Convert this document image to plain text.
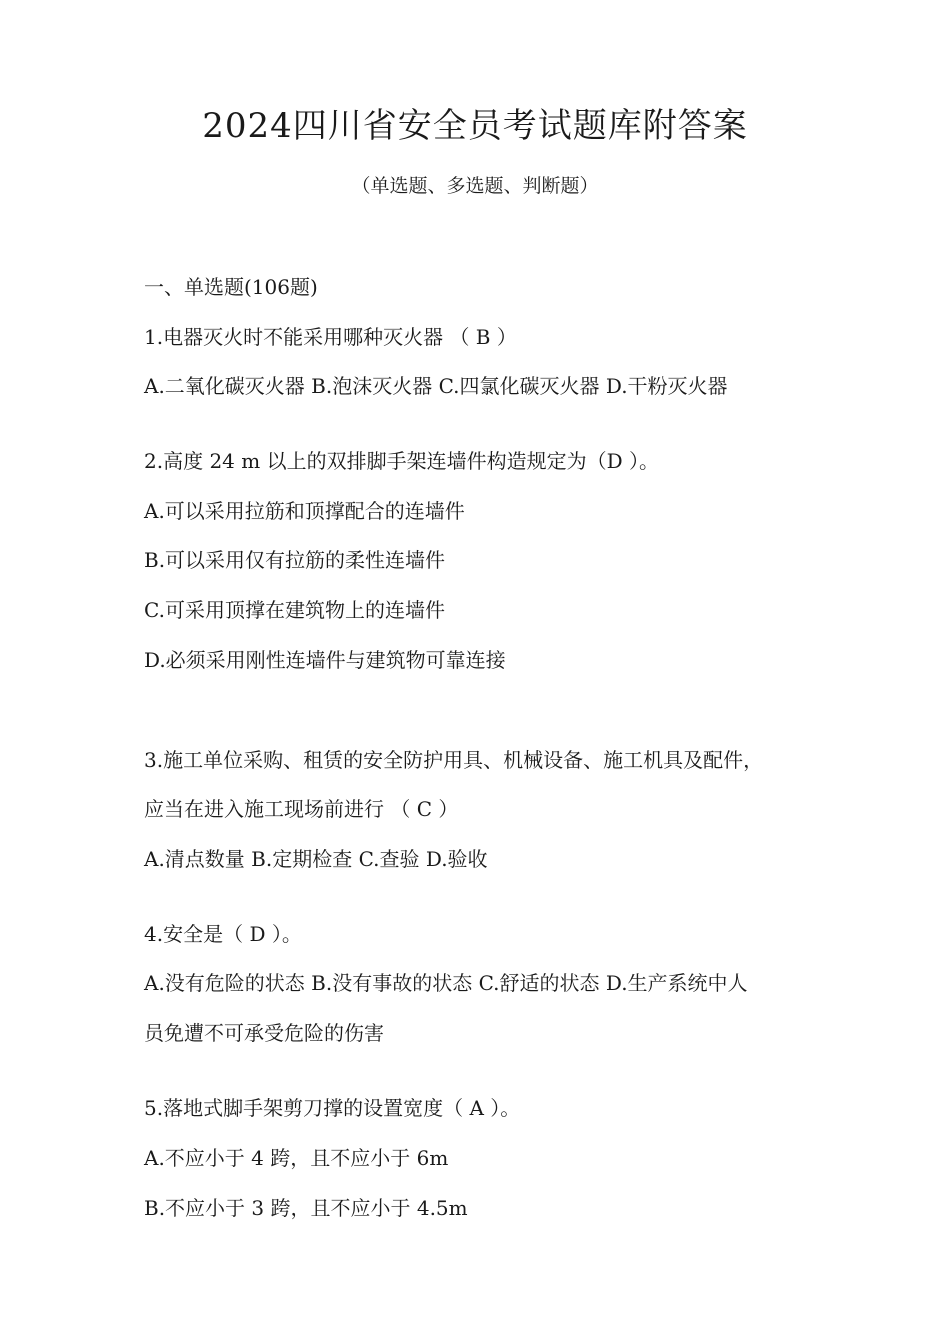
2024四川省安全员考试题库附答案
（单选题、多选题、判断题）
一、单选题(106题)
1.电器灭火时不能采用哪种灭火器 （ B ）
A.二氧化碳灭火器 B.泡沫灭火器 C.四氯化碳灭火器 D.干粉灭火器
2.高度 24 m 以上的双排脚手架连墙件构造规定为（D ）。
A.可以采用拉筋和顶撑配合的连墙件
B.可以采用仅有拉筋的柔性连墙件
C.可采用顶撑在建筑物上的连墙件
D.必须采用刚性连墙件与建筑物可靠连接
3.施工单位采购、租赁的安全防护用具、机械设备、施工机具及配件，
应当在进入施工现场前进行 （ C ）
A.清点数量 B.定期检查 C.查验 D.验收
4.安全是（ D ）。
A.没有危险的状态 B.没有事故的状态 C.舒适的状态 D.生产系统中人
员免遭不可承受危险的伤害
5.落地式脚手架剪刀撑的设置宽度（ A ）。
A.不应小于 4 跨，且不应小于 6m
B.不应小于 3 跨，且不应小于 4.5m
